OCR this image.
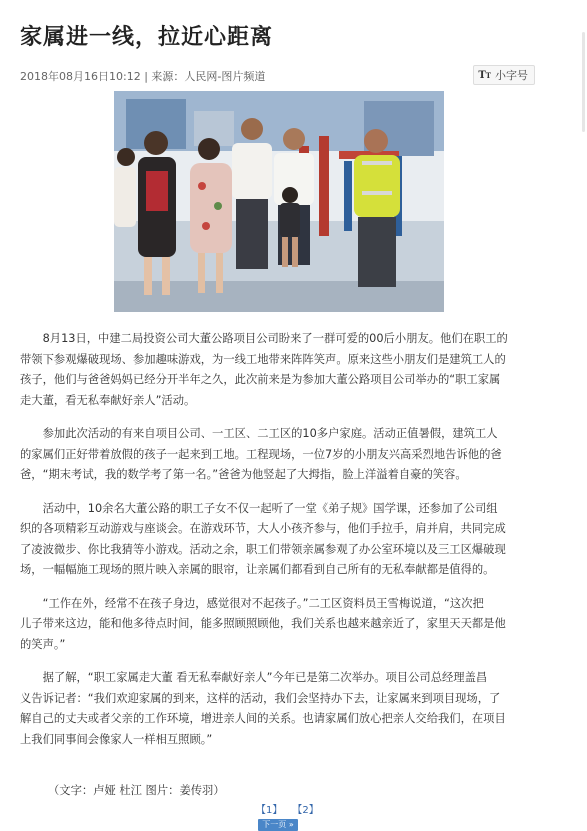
家属进一线，拉近心距离
2018年08月16日10:12 | 来源：人民网-图片频道	TT 小字号

8月13日，中建二局投资公司大董公路项目公司盼来了一群可爱的00后小朋友。他们在职工的
带领下参观爆破现场、参加趣味游戏，为一线工地带来阵阵笑声。原来这些小朋友们是建筑工人的
孩子，他们与爸爸妈妈已经分开半年之久，此次前来是为参加大董公路项目公司举办的“职工家属
走大董，看无私奉献好亲人”活动。

参加此次活动的有来自项目公司、一工区、二工区的10多户家庭。活动正值暑假，建筑工人
的家属们正好带着放假的孩子一起来到工地。工程现场，一位7岁的小朋友兴高采烈地告诉他的爸
爸，“期末考试，我的数学考了第一名。”爸爸为他竖起了大拇指，脸上洋溢着自豪的笑容。

活动中，10余名大董公路的职工子女不仅一起听了一堂《弟子规》国学课，还参加了公司组
织的各项精彩互动游戏与座谈会。在游戏环节，大人小孩齐参与，他们手拉手，肩并肩，共同完成
了凌波微步、你比我猜等小游戏。活动之余，职工们带领亲属参观了办公室环境以及三工区爆破现
场，一幅幅施工现场的照片映入亲属的眼帘，让亲属们都看到自己所有的无私奉献都是值得的。

“工作在外，经常不在孩子身边，感觉很对不起孩子。”二工区资料员王雪梅说道，“这次把
儿子带来这边，能和他多待点时间，能多照顾照顾他，我们关系也越来越亲近了，家里天天都是他
的笑声。”

据了解，“职工家属走大董 看无私奉献好亲人”今年已是第二次举办。项目公司总经理盖昌
义告诉记者：“我们欢迎家属的到来，这样的活动，我们会坚持办下去，让家属来到项目现场，了
解自己的丈夫或者父亲的工作环境，增进亲人间的关系。也请家属们放心把亲人交给我们，在项目
上我们同事间会像家人一样相互照顾。”

（文字：卢娅 杜江 图片：姜传羽）
【1】 【2】
下一页 »
